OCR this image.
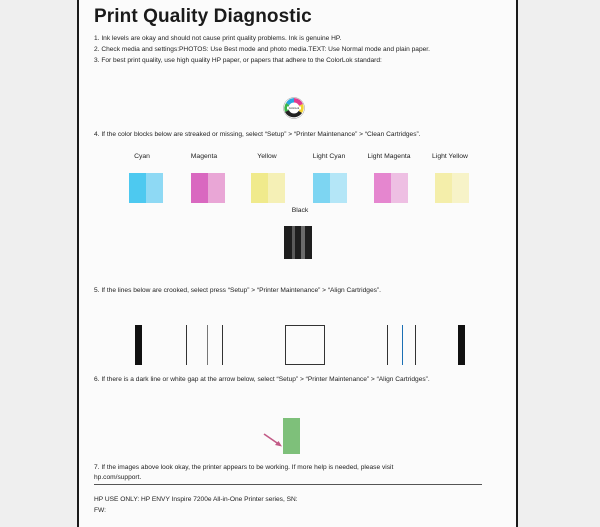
Print Quality Diagnostic
1. Ink levels are okay and should not cause print quality problems. Ink is genuine HP.
2. Check media and settings:PHOTOS: Use Best mode and photo media.TEXT: Use Normal mode and plain paper.
3. For best print quality, use high quality HP paper, or papers that adhere to the ColorLok standard:
ColorLok
4. If the color blocks below are streaked or missing, select “Setup” > “Printer Maintenance” > “Clean Cartridges”.
Cyan	Magenta	Yellow	Light Cyan	Light Magenta	Light Yellow
Black
5. If the lines below are crooked, select press “Setup” > “Printer Maintenance” > “Align Cartridges”.
6. If there is a dark line or white gap at the arrow below, select “Setup” > “Printer Maintenance” > “Align Cartridges”.
7. If the images above look okay, the printer appears to be working. If more help is needed, please visit
hp.com/support.
HP USE ONLY: HP ENVY Inspire 7200e All-in-One Printer series, SN:
FW:
